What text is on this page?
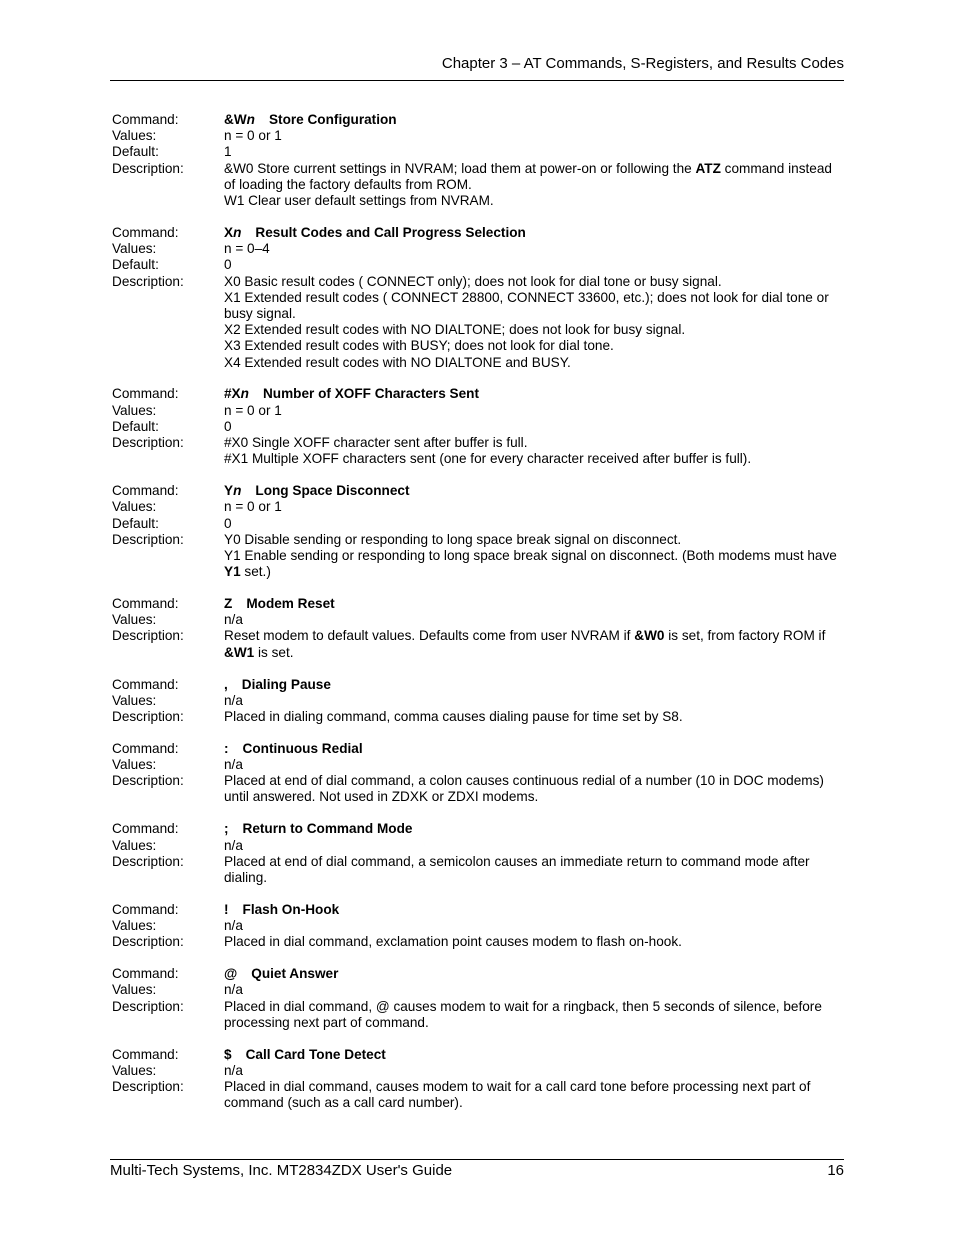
Chapter 3 – AT Commands, S-Registers, and Results Codes
Command:	&Wn Store Configuration
Values:	n = 0 or 1
Default:	1
Description:	&W0 Store current settings in NVRAM; load them at power-on or following the ATZ command instead of loading the factory defaults from ROM.
W1 Clear user default settings from NVRAM.
Command:	Xn Result Codes and Call Progress Selection
Values:	n = 0–4
Default:	0
Description:	X0 Basic result codes ( CONNECT only); does not look for dial tone or busy signal.
X1 Extended result codes ( CONNECT 28800, CONNECT 33600, etc.); does not look for dial tone or busy signal.
X2 Extended result codes with NO DIALTONE; does not look for busy signal.
X3 Extended result codes with BUSY; does not look for dial tone.
X4 Extended result codes with NO DIALTONE and BUSY.
Command:	#Xn Number of XOFF Characters Sent
Values:	n = 0 or 1
Default:	0
Description:	#X0 Single XOFF character sent after buffer is full.
#X1 Multiple XOFF characters sent (one for every character received after buffer is full).
Command:	Yn Long Space Disconnect
Values:	n = 0 or 1
Default:	0
Description:	Y0 Disable sending or responding to long space break signal on disconnect.
Y1 Enable sending or responding to long space break signal on disconnect. (Both modems must have Y1 set.)
Command:	Z Modem Reset
Values:	n/a
Description:	Reset modem to default values. Defaults come from user NVRAM if &W0 is set, from factory ROM if &W1 is set.
Command:	, Dialing Pause
Values:	n/a
Description:	Placed in dialing command, comma causes dialing pause for time set by S8.
Command:	: Continuous Redial
Values:	n/a
Description:	Placed at end of dial command, a colon causes continuous redial of a number (10 in DOC modems) until answered. Not used in ZDXK or ZDXI modems.
Command:	; Return to Command Mode
Values:	n/a
Description:	Placed at end of dial command, a semicolon causes an immediate return to command mode after dialing.
Command:	! Flash On-Hook
Values:	n/a
Description:	Placed in dial command, exclamation point causes modem to flash on-hook.
Command:	@ Quiet Answer
Values:	n/a
Description:	Placed in dial command, @ causes modem to wait for a ringback, then 5 seconds of silence, before processing next part of command.
Command:	$ Call Card Tone Detect
Values:	n/a
Description:	Placed in dial command, causes modem to wait for a call card tone before processing next part of command (such as a call card number).
Multi-Tech Systems, Inc. MT2834ZDX User's Guide	16
